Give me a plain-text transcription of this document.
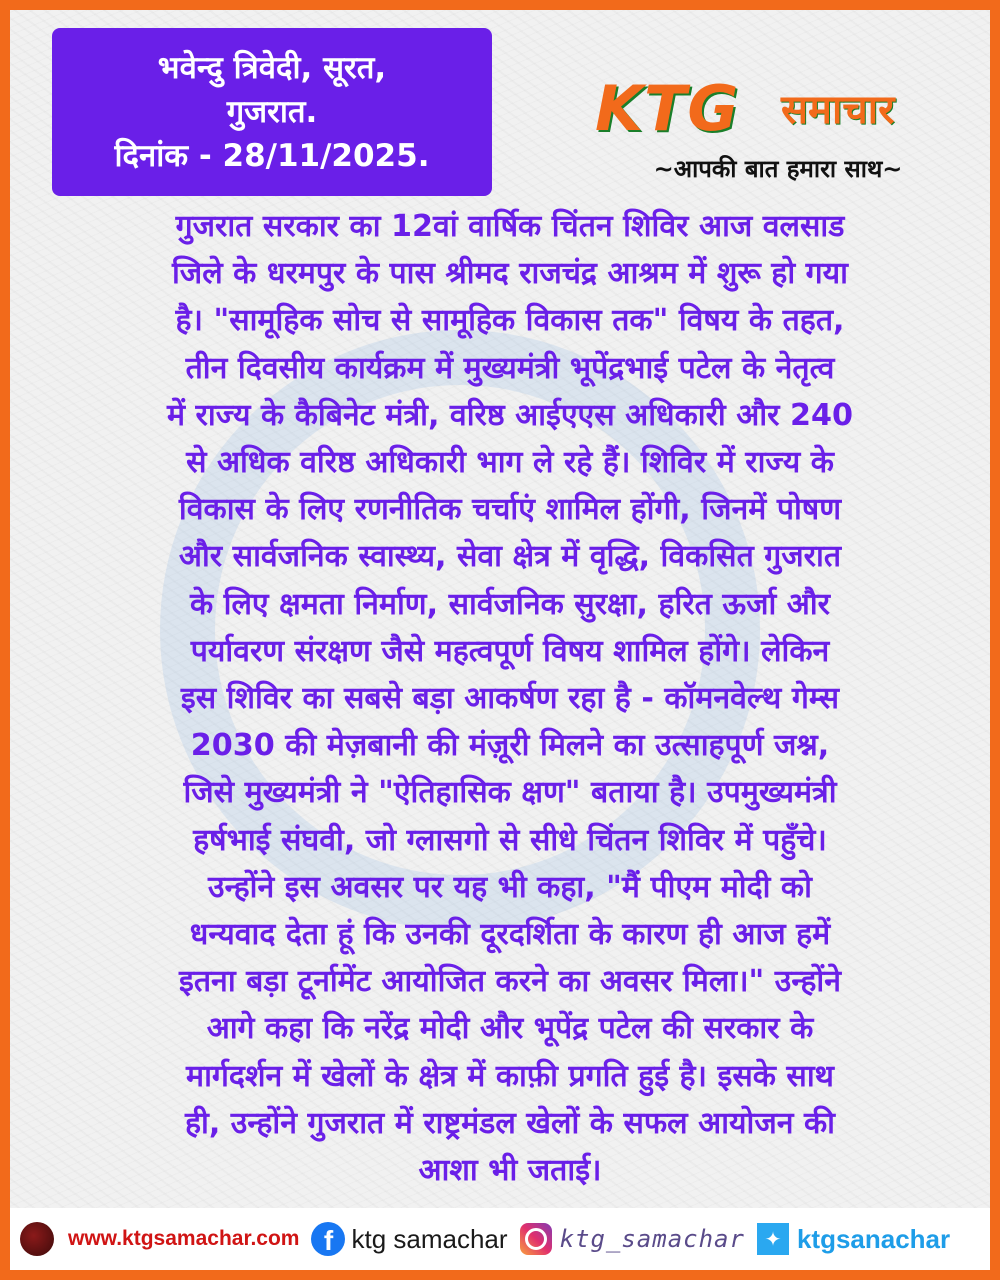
भवेन्दु त्रिवेदी, सूरत,
गुजरात.
दिनांक - 28/11/2025.
KTG समाचार
~आपकी बात हमारा साथ~
गुजरात सरकार का 12वां वार्षिक चिंतन शिविर आज वलसाड
जिले के धरमपुर के पास श्रीमद राजचंद्र आश्रम में शुरू हो गया
है। "सामूहिक सोच से सामूहिक विकास तक" विषय के तहत,
तीन दिवसीय कार्यक्रम में मुख्यमंत्री भूपेंद्रभाई पटेल के नेतृत्व
में राज्य के कैबिनेट मंत्री, वरिष्ठ आईएएस अधिकारी और 240
से अधिक वरिष्ठ अधिकारी भाग ले रहे हैं। शिविर में राज्य के
विकास के लिए रणनीतिक चर्चाएं शामिल होंगी, जिनमें पोषण
और सार्वजनिक स्वास्थ्य, सेवा क्षेत्र में वृद्धि, विकसित गुजरात
के लिए क्षमता निर्माण, सार्वजनिक सुरक्षा, हरित ऊर्जा और
पर्यावरण संरक्षण जैसे महत्वपूर्ण विषय शामिल होंगे। लेकिन
इस शिविर का सबसे बड़ा आकर्षण रहा है - कॉमनवेल्थ गेम्स
2030 की मेज़बानी की मंज़ूरी मिलने का उत्साहपूर्ण जश्न,
जिसे मुख्यमंत्री ने "ऐतिहासिक क्षण" बताया है। उपमुख्यमंत्री
हर्षभाई संघवी, जो ग्लासगो से सीधे चिंतन शिविर में पहुँचे।
उन्होंने इस अवसर पर यह भी कहा, "मैं पीएम मोदी को
धन्यवाद देता हूं कि उनकी दूरदर्शिता के कारण ही आज हमें
इतना बड़ा टूर्नामेंट आयोजित करने का अवसर मिला।" उन्होंने
आगे कहा कि नरेंद्र मोदी और भूपेंद्र पटेल की सरकार के
मार्गदर्शन में खेलों के क्षेत्र में काफ़ी प्रगति हुई है। इसके साथ
ही, उन्होंने गुजरात में राष्ट्रमंडल खेलों के सफल आयोजन की
आशा भी जताई।
www.ktgsamachar.com f ktg samachar ktg_samachar ✦ ktgsanachar
